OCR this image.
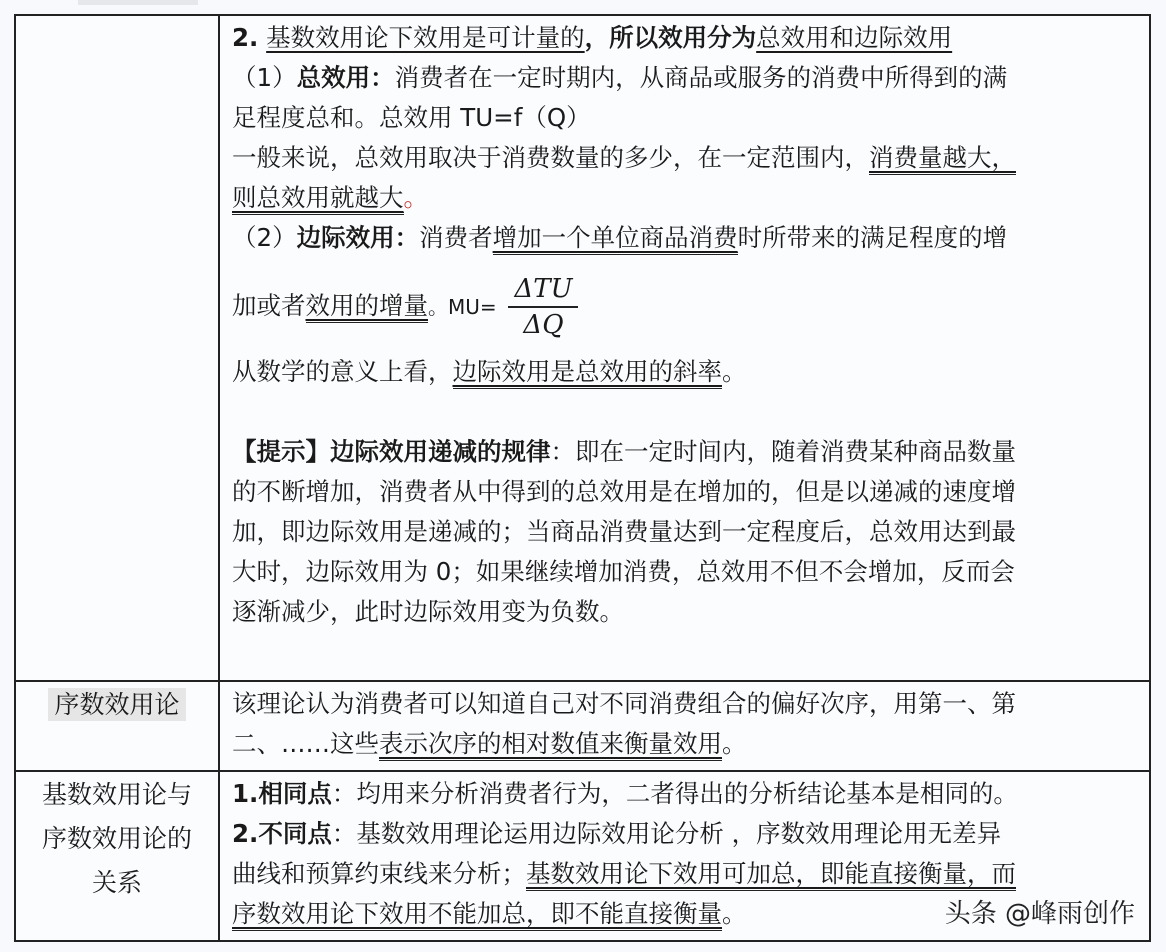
2. 基数效用论下效用是可计量的，所以效用分为总效用和边际效用
（1）总效用：消费者在一定时期内，从商品或服务的消费中所得到的满
足程度总和。总效用 TU=f（Q）
一般来说，总效用取决于消费数量的多少，在一定范围内，消费量越大，
则总效用就越大。
（2）边际效用：消费者增加一个单位商品消费时所带来的满足程度的增
加或者效用的增量。$MU= \frac{\text{ΔTU}}{\Delta Q}$
从数学的意义上看，边际效用是总效用的斜率。
【提示】边际效用递减的规律：即在一定时间内，随着消费某种商品数量
的不断增加，消费者从中得到的总效用是在增加的，但是以递减的速度增
加，即边际效用是递减的；当商品消费量达到一定程度后，总效用达到最
大时，边际效用为 0；如果继续增加消费，总效用不但不会增加，反而会
逐渐减少，此时边际效用变为负数。

序数效用论	该理论认为消费者可以知道自己对不同消费组合的偏好次序，用第一、第
二、……这些表示次序的相对数值来衡量效用。

基数效用论与
序数效用论的
关系

1.相同点：均用来分析消费者行为，二者得出的分析结论基本是相同的。
2.不同点：基数效用理论运用边际效用论分析 ，序数效用理论用无差异
曲线和预算约束线来分析；基数效用论下效用可加总，即能直接衡量，而
序数效用论下效用不能加总，即不能直接衡量。	头条 @峰雨创作
